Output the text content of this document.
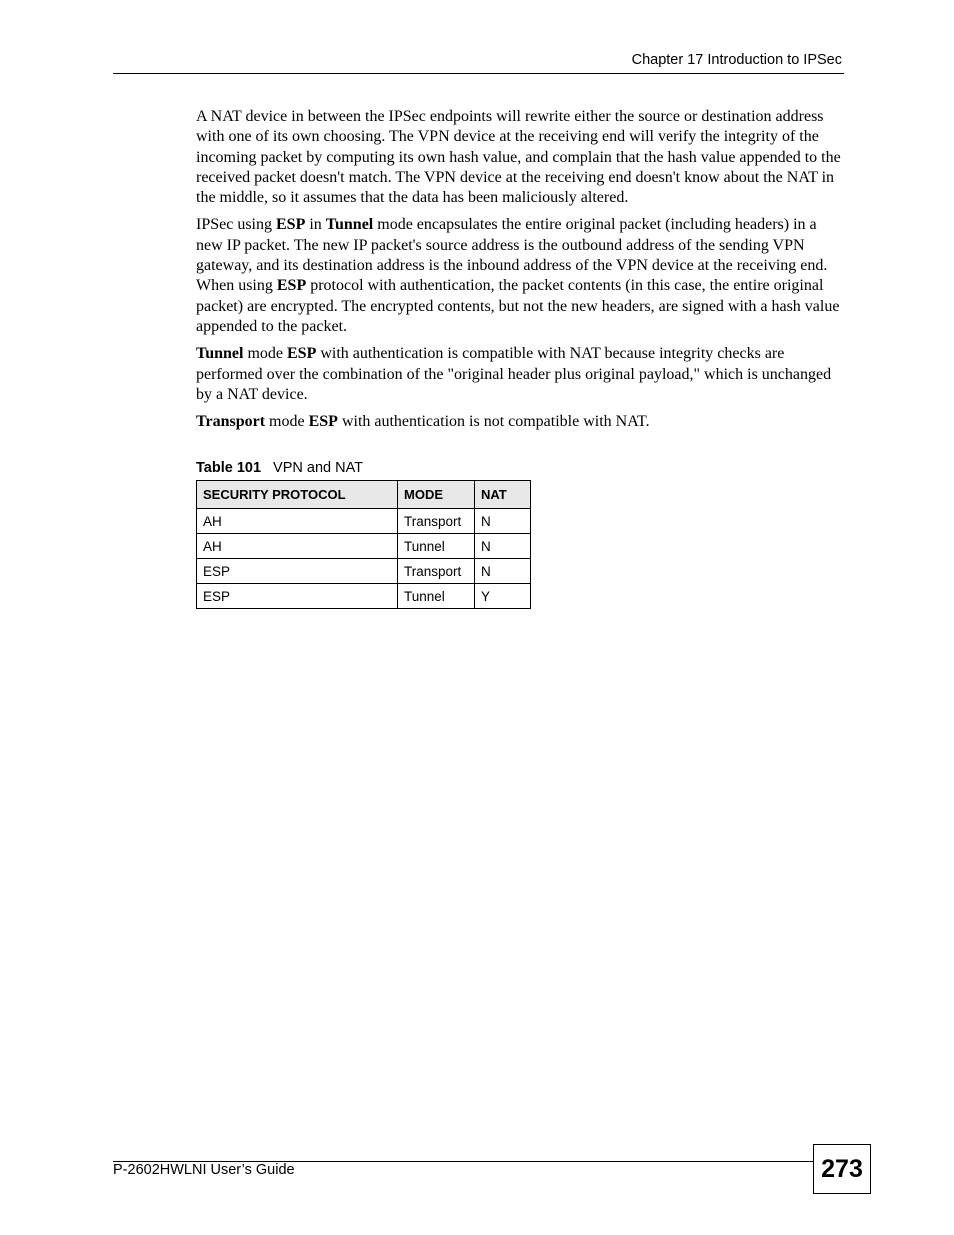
Chapter 17 Introduction to IPSec

A NAT device in between the IPSec endpoints will rewrite either the source or destination address with one of its own choosing. The VPN device at the receiving end will verify the integrity of the incoming packet by computing its own hash value, and complain that the hash value appended to the received packet doesn't match. The VPN device at the receiving end doesn't know about the NAT in the middle, so it assumes that the data has been maliciously altered.

IPSec using ESP in Tunnel mode encapsulates the entire original packet (including headers) in a new IP packet. The new IP packet's source address is the outbound address of the sending VPN gateway, and its destination address is the inbound address of the VPN device at the receiving end. When using ESP protocol with authentication, the packet contents (in this case, the entire original packet) are encrypted. The encrypted contents, but not the new headers, are signed with a hash value appended to the packet.

Tunnel mode ESP with authentication is compatible with NAT because integrity checks are performed over the combination of the "original header plus original payload," which is unchanged by a NAT device.

Transport mode ESP with authentication is not compatible with NAT.

Table 101 VPN and NAT
SECURITY PROTOCOL	MODE	NAT
AH	Transport	N
AH	Tunnel	N
ESP	Transport	N
ESP	Tunnel	Y
P-2602HWLNI User’s Guide	273
